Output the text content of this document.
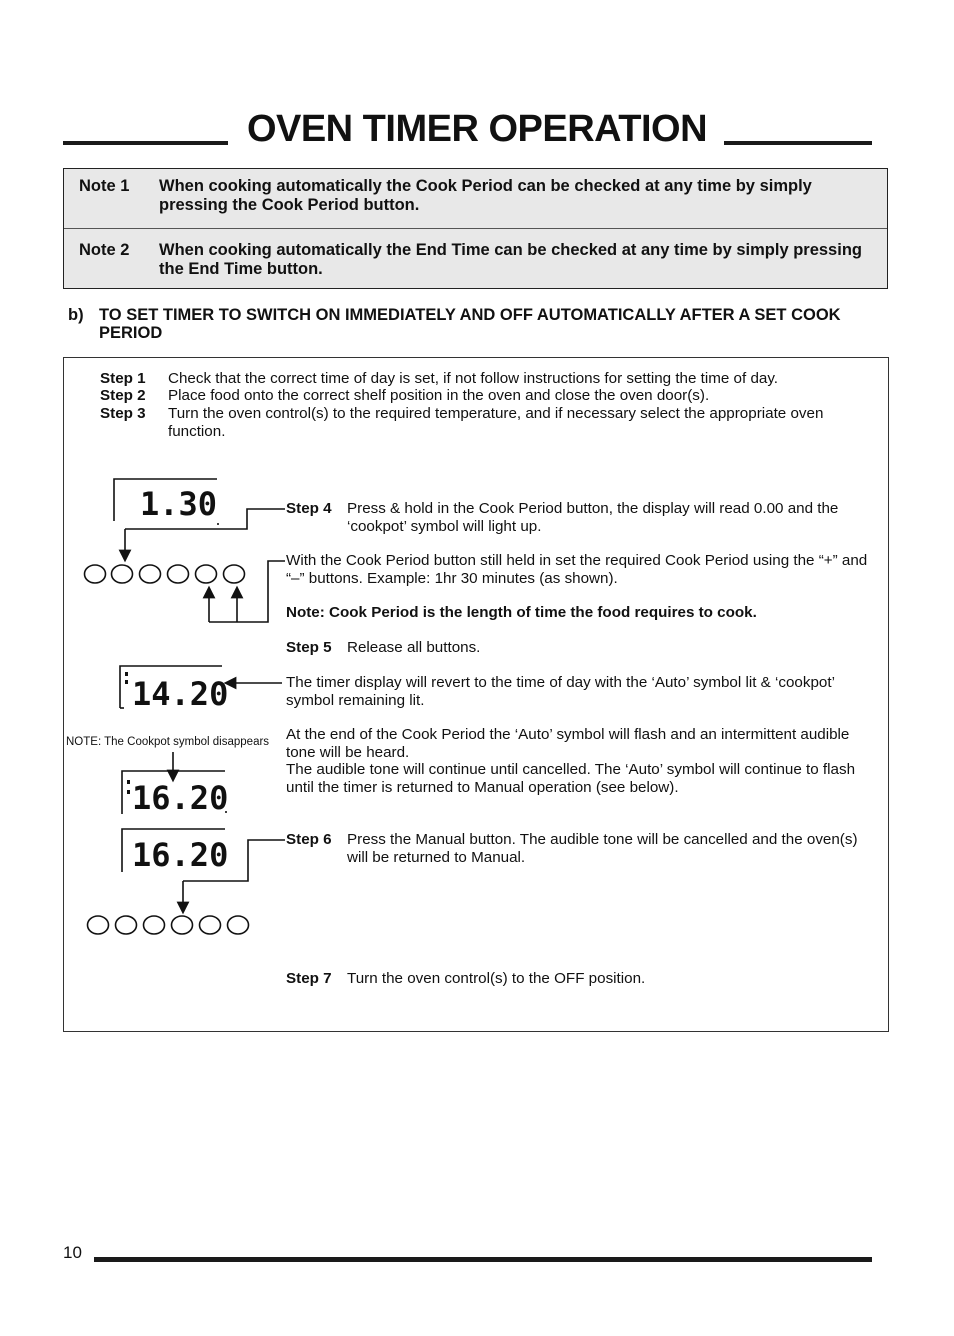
OVEN TIMER OPERATION
Note 1 When cooking automatically the Cook Period can be checked at any time by simply pressing the Cook Period button.
Note 2 When cooking automatically the End Time can be checked at any time by simply pressing the End Time button.
b) TO SET TIMER TO SWITCH ON IMMEDIATELY AND OFF AUTOMATICALLY AFTER A SET COOK PERIOD
Step 1 Check that the correct time of day is set, if not follow instructions for setting the time of day.
Step 2 Place food onto the correct shelf position in the oven and close the oven door(s).
Step 3 Turn the oven control(s) to the required temperature, and if necessary select the appropriate oven function.
Step 4 Press & hold in the Cook Period button, the display will read 0.00 and the ‘cookpot’ symbol will light up.
With the Cook Period button still held in set the required Cook Period using the “+” and “–” buttons. Example: 1hr 30 minutes (as shown).
Note: Cook Period is the length of time the food requires to cook.
Step 5 Release all buttons.
The timer display will revert to the time of day with the ‘Auto’ symbol lit & ‘cookpot’ symbol remaining lit.
NOTE: The Cookpot symbol disappears At the end of the Cook Period the ‘Auto’ symbol will flash and an intermittent audible tone will be heard.
The audible tone will continue until cancelled. The ‘Auto’ symbol will continue to flash until the timer is returned to Manual operation (see below).
Step 6 Press the Manual button. The audible tone will be cancelled and the oven(s) will be returned to Manual.
Step 7 Turn the oven control(s) to the OFF position.
1.30
14.20
16.20
16.20
10
